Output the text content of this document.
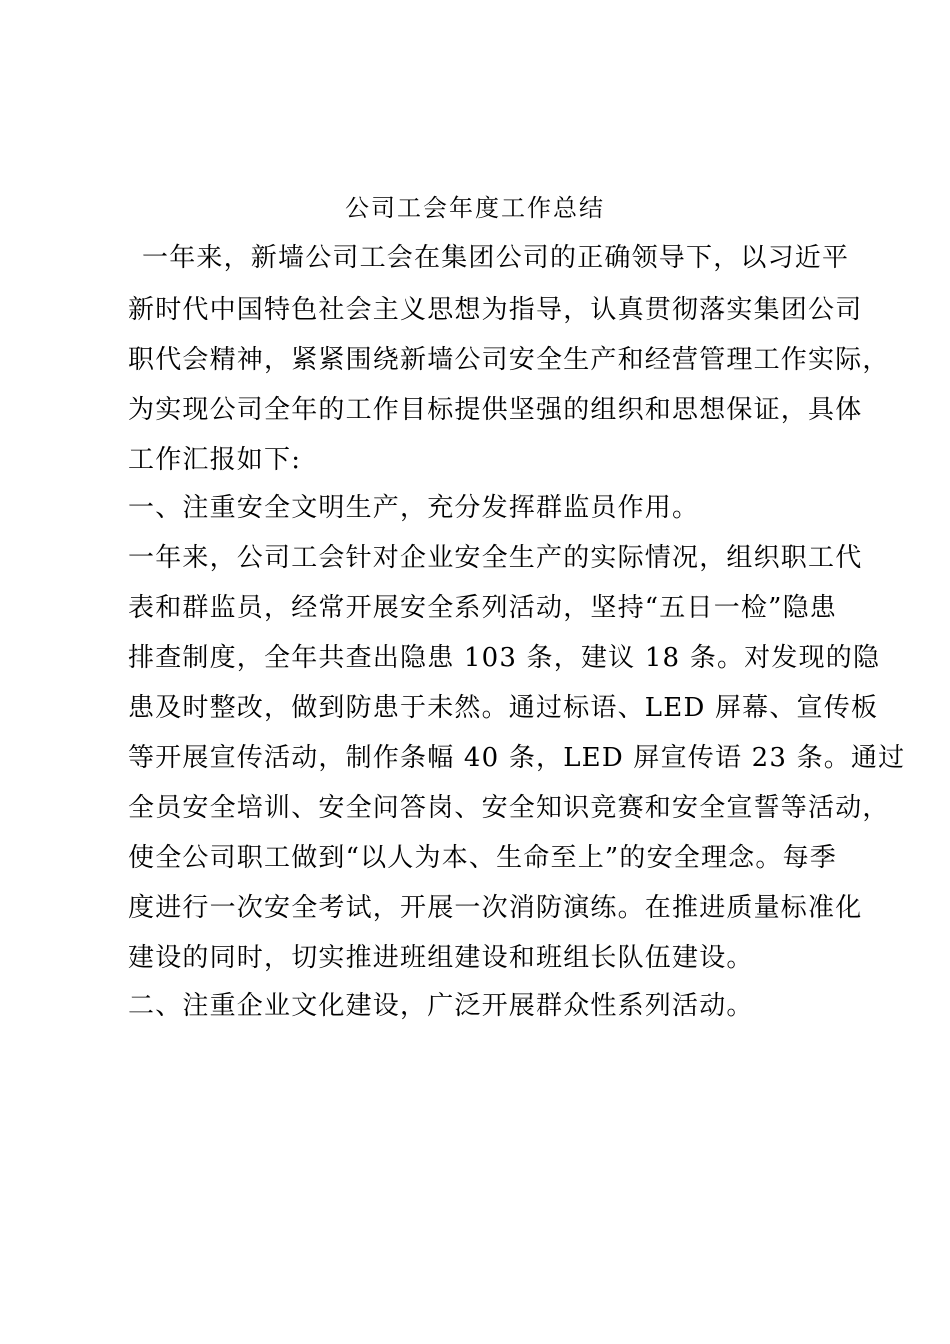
公司工会年度工作总结
一年来，新墙公司工会在集团公司的正确领导下，以习近平
新时代中国特色社会主义思想为指导，认真贯彻落实集团公司
职代会精神，紧紧围绕新墙公司安全生产和经营管理工作实际，
为实现公司全年的工作目标提供坚强的组织和思想保证，具体
工作汇报如下:
一、注重安全文明生产，充分发挥群监员作用。
一年来，公司工会针对企业安全生产的实际情况，组织职工代
表和群监员，经常开展安全系列活动，坚持“五日一检”隐患
排查制度，全年共查出隐患 103 条，建议 18 条。对发现的隐
患及时整改，做到防患于未然。通过标语、LED 屏幕、宣传板
等开展宣传活动，制作条幅 40 条，LED 屏宣传语 23 条。通过
全员安全培训、安全问答岗、安全知识竞赛和安全宣誓等活动，
使全公司职工做到“以人为本、生命至上”的安全理念。每季
度进行一次安全考试，开展一次消防演练。在推进质量标准化
建设的同时，切实推进班组建设和班组长队伍建设。
二、注重企业文化建设，广泛开展群众性系列活动。
